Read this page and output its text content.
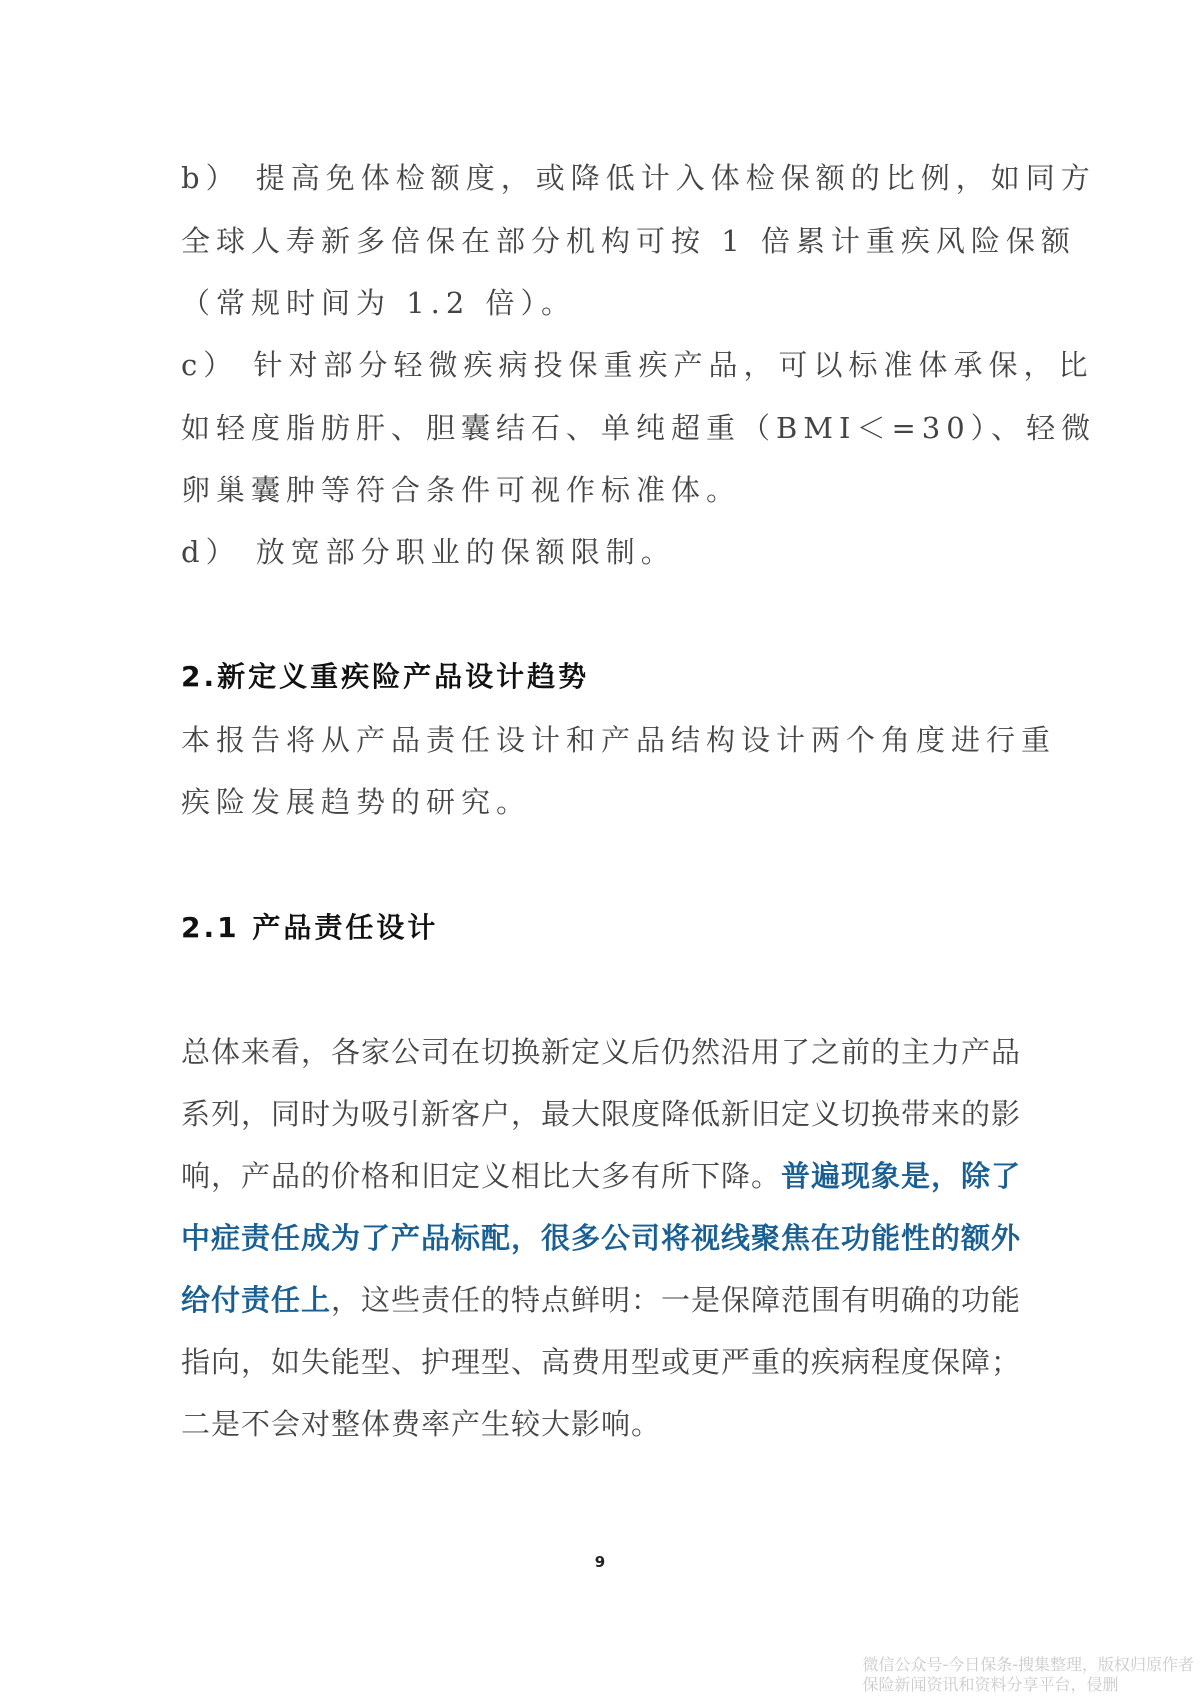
b） 提高免体检额度，或降低计入体检保额的比例，如同方
全球人寿新多倍保在部分机构可按 1 倍累计重疾风险保额
（常规时间为 1.2 倍）。
c） 针对部分轻微疾病投保重疾产品，可以标准体承保，比
如轻度脂肪肝、胆囊结石、单纯超重（BMI＜=30）、轻微
卵巢囊肿等符合条件可视作标准体。
d） 放宽部分职业的保额限制。
2.新定义重疾险产品设计趋势
本报告将从产品责任设计和产品结构设计两个角度进行重
疾险发展趋势的研究。
2.1 产品责任设计
总体来看，各家公司在切换新定义后仍然沿用了之前的主力产品
系列，同时为吸引新客户，最大限度降低新旧定义切换带来的影
响，产品的价格和旧定义相比大多有所下降。普遍现象是，除了
中症责任成为了产品标配，很多公司将视线聚焦在功能性的额外
给付责任上，这些责任的特点鲜明：一是保障范围有明确的功能
指向，如失能型、护理型、高费用型或更严重的疾病程度保障；
二是不会对整体费率产生较大影响。
9
微信公众号-今日保条-搜集整理，版权归原作者
保险新闻资讯和资料分享平台，侵删
